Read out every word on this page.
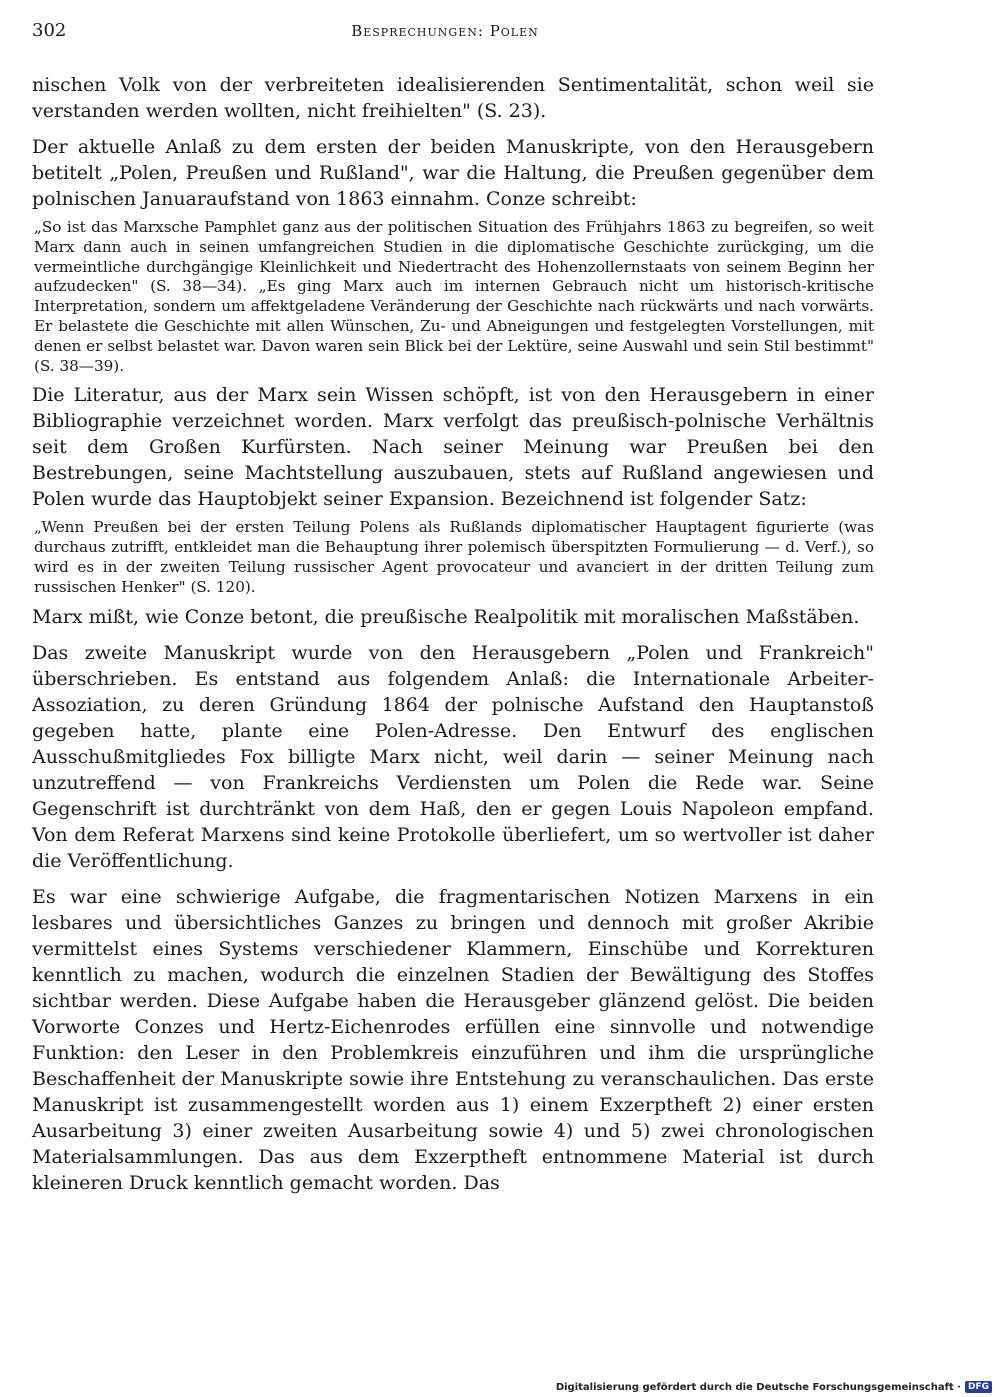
302	Besprechungen: Polen

nischen Volk von der verbreiteten idealisierenden Sentimentalität, schon weil sie verstanden werden wollten, nicht freihielten" (S. 23).

Der aktuelle Anlaß zu dem ersten der beiden Manuskripte, von den Herausgebern betitelt „Polen, Preußen und Rußland", war die Haltung, die Preußen gegenüber dem polnischen Januaraufstand von 1863 einnahm. Conze schreibt:

„So ist das Marxsche Pamphlet ganz aus der politischen Situation des Frühjahrs 1863 zu begreifen, so weit Marx dann auch in seinen umfangreichen Studien in die diplomatische Geschichte zurückging, um die vermeintliche durchgängige Kleinlichkeit und Niedertracht des Hohenzollernstaats von seinem Beginn her aufzudecken" (S. 38—34). „Es ging Marx auch im internen Gebrauch nicht um historisch-kritische Interpretation, sondern um affektgeladene Veränderung der Geschichte nach rückwärts und nach vorwärts. Er belastete die Geschichte mit allen Wünschen, Zu- und Abneigungen und festgelegten Vorstellungen, mit denen er selbst belastet war. Davon waren sein Blick bei der Lektüre, seine Auswahl und sein Stil bestimmt" (S. 38—39).

Die Literatur, aus der Marx sein Wissen schöpft, ist von den Herausgebern in einer Bibliographie verzeichnet worden. Marx verfolgt das preußisch-polnische Verhältnis seit dem Großen Kurfürsten. Nach seiner Meinung war Preußen bei den Bestrebungen, seine Machtstellung auszubauen, stets auf Rußland angewiesen und Polen wurde das Hauptobjekt seiner Expansion. Bezeichnend ist folgender Satz:

„Wenn Preußen bei der ersten Teilung Polens als Rußlands diplomatischer Hauptagent figurierte (was durchaus zutrifft, entkleidet man die Behauptung ihrer polemisch überspitzten Formulierung — d. Verf.), so wird es in der zweiten Teilung russischer Agent provocateur und avanciert in der dritten Teilung zum russischen Henker" (S. 120).

Marx mißt, wie Conze betont, die preußische Realpolitik mit moralischen Maßstäben.

Das zweite Manuskript wurde von den Herausgebern „Polen und Frankreich" überschrieben. Es entstand aus folgendem Anlaß: die Internationale Arbeiter-Assoziation, zu deren Gründung 1864 der polnische Aufstand den Hauptanstoß gegeben hatte, plante eine Polen-Adresse. Den Entwurf des englischen Ausschußmitgliedes Fox billigte Marx nicht, weil darin — seiner Meinung nach unzutreffend — von Frankreichs Verdiensten um Polen die Rede war. Seine Gegenschrift ist durchtränkt von dem Haß, den er gegen Louis Napoleon empfand. Von dem Referat Marxens sind keine Protokolle überliefert, um so wertvoller ist daher die Veröffentlichung.

Es war eine schwierige Aufgabe, die fragmentarischen Notizen Marxens in ein lesbares und übersichtliches Ganzes zu bringen und dennoch mit großer Akribie vermittelst eines Systems verschiedener Klammern, Einschübe und Korrekturen kenntlich zu machen, wodurch die einzelnen Stadien der Bewältigung des Stoffes sichtbar werden. Diese Aufgabe haben die Herausgeber glänzend gelöst. Die beiden Vorworte Conzes und Hertz-Eichenrodes erfüllen eine sinnvolle und notwendige Funktion: den Leser in den Problemkreis einzuführen und ihm die ursprüngliche Beschaffenheit der Manuskripte sowie ihre Entstehung zu veranschaulichen. Das erste Manuskript ist zusammengestellt worden aus 1) einem Exzerptheft 2) einer ersten Ausarbeitung 3) einer zweiten Ausarbeitung sowie 4) und 5) zwei chronologischen Materialsammlungen. Das aus dem Exzerptheft entnommene Material ist durch kleineren Druck kenntlich gemacht worden. Das

Digitalisierung gefördert durch die Deutsche Forschungsgemeinschaft · DFG
